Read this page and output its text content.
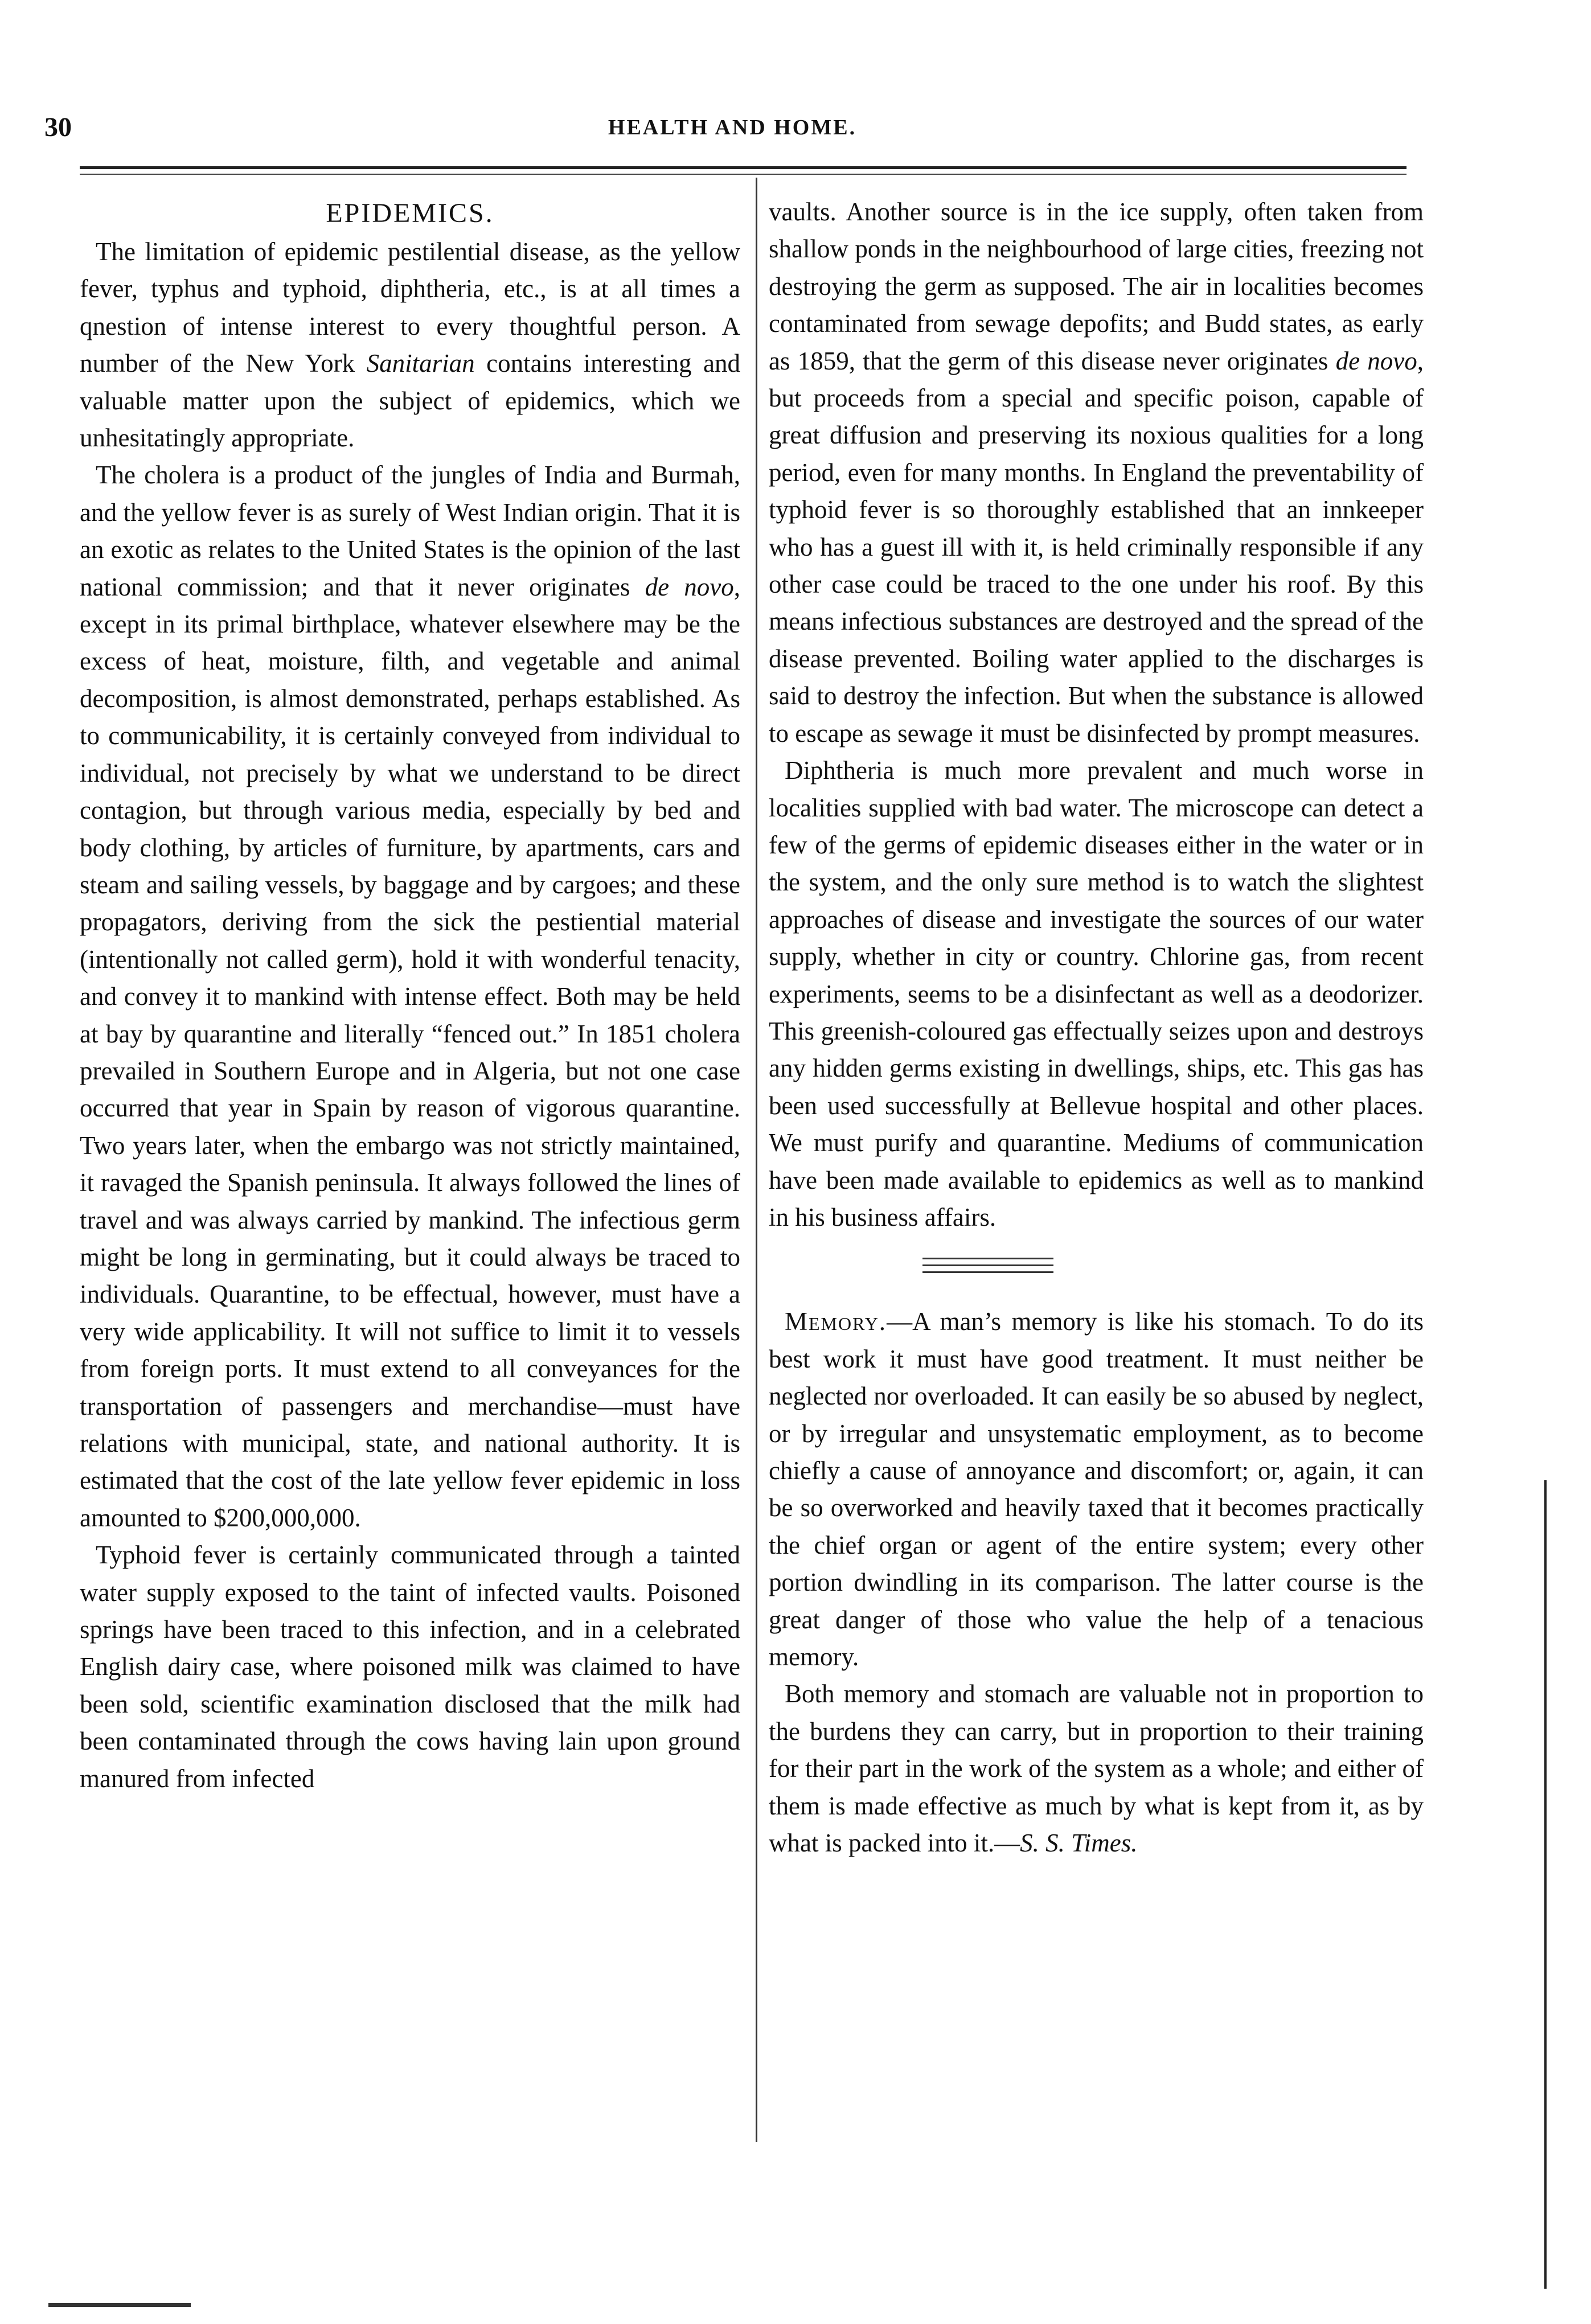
30	HEALTH AND HOME.
EPIDEMICS.

The limitation of epidemic pestilential disease, as the yellow fever, typhus and typhoid, diphtheria, etc., is at all times a qnestion of intense interest to every thoughtful person. A number of the New York Sanitarian contains interesting and valuable matter upon the subject of epidemics, which we unhesitatingly appropriate.

The cholera is a product of the jungles of India and Burmah, and the yellow fever is as surely of West Indian origin. That it is an exotic as relates to the United States is the opinion of the last national commission; and that it never originates de novo, except in its primal birthplace, whatever elsewhere may be the excess of heat, moisture, filth, and vegetable and animal decomposition, is almost demonstrated, perhaps established. As to communicability, it is certainly conveyed from individual to individual, not precisely by what we understand to be direct contagion, but through various media, especially by bed and body clothing, by articles of furniture, by apartments, cars and steam and sailing vessels, by baggage and by cargoes; and these propagators, deriving from the sick the pestiential material (intentionally not called germ), hold it with wonderful tenacity, and convey it to mankind with intense effect. Both may be held at bay by quarantine and literally “fenced out.” In 1851 cholera prevailed in Southern Europe and in Algeria, but not one case occurred that year in Spain by reason of vigorous quarantine. Two years later, when the embargo was not strictly maintained, it ravaged the Spanish peninsula. It always followed the lines of travel and was always carried by mankind. The infectious germ might be long in germinating, but it could always be traced to individuals. Quarantine, to be effectual, however, must have a very wide applicability. It will not suffice to limit it to vessels from foreign ports. It must extend to all conveyances for the transportation of passengers and merchandise—must have relations with municipal, state, and national authority. It is estimated that the cost of the late yellow fever epidemic in loss amounted to $200,000,000.

Typhoid fever is certainly communicated through a tainted water supply exposed to the taint of infected vaults. Poisoned springs have been traced to this infection, and in a celebrated English dairy case, where poisoned milk was claimed to have been sold, scientific examination disclosed that the milk had been contaminated through the cows having lain upon ground manured from infected

vaults. Another source is in the ice supply, often taken from shallow ponds in the neighbourhood of large cities, freezing not destroying the germ as supposed. The air in localities becomes contaminated from sewage depofits; and Budd states, as early as 1859, that the germ of this disease never originates de novo, but proceeds from a special and specific poison, capable of great diffusion and preserving its noxious qualities for a long period, even for many months. In England the preventability of typhoid fever is so thoroughly established that an innkeeper who has a guest ill with it, is held criminally responsible if any other case could be traced to the one under his roof. By this means infectious substances are destroyed and the spread of the disease prevented. Boiling water applied to the discharges is said to destroy the infection. But when the substance is allowed to escape as sewage it must be disinfected by prompt measures.

Diphtheria is much more prevalent and much worse in localities supplied with bad water. The microscope can detect a few of the germs of epidemic diseases either in the water or in the system, and the only sure method is to watch the slightest approaches of disease and investigate the sources of our water supply, whether in city or country. Chlorine gas, from recent experiments, seems to be a disinfectant as well as a deodorizer. This greenish-coloured gas effectually seizes upon and destroys any hidden germs existing in dwellings, ships, etc. This gas has been used successfully at Bellevue hospital and other places. We must purify and quarantine. Mediums of communication have been made available to epidemics as well as to mankind in his business affairs.

Memory.—A man’s memory is like his stomach. To do its best work it must have good treatment. It must neither be neglected nor overloaded. It can easily be so abused by neglect, or by irregular and unsystematic employment, as to become chiefly a cause of annoyance and discomfort; or, again, it can be so overworked and heavily taxed that it becomes practically the chief organ or agent of the entire system; every other portion dwindling in its comparison. The latter course is the great danger of those who value the help of a tenacious memory.

Both memory and stomach are valuable not in proportion to the burdens they can carry, but in proportion to their training for their part in the work of the system as a whole; and either of them is made effective as much by what is kept from it, as by what is packed into it.—S. S. Times.
